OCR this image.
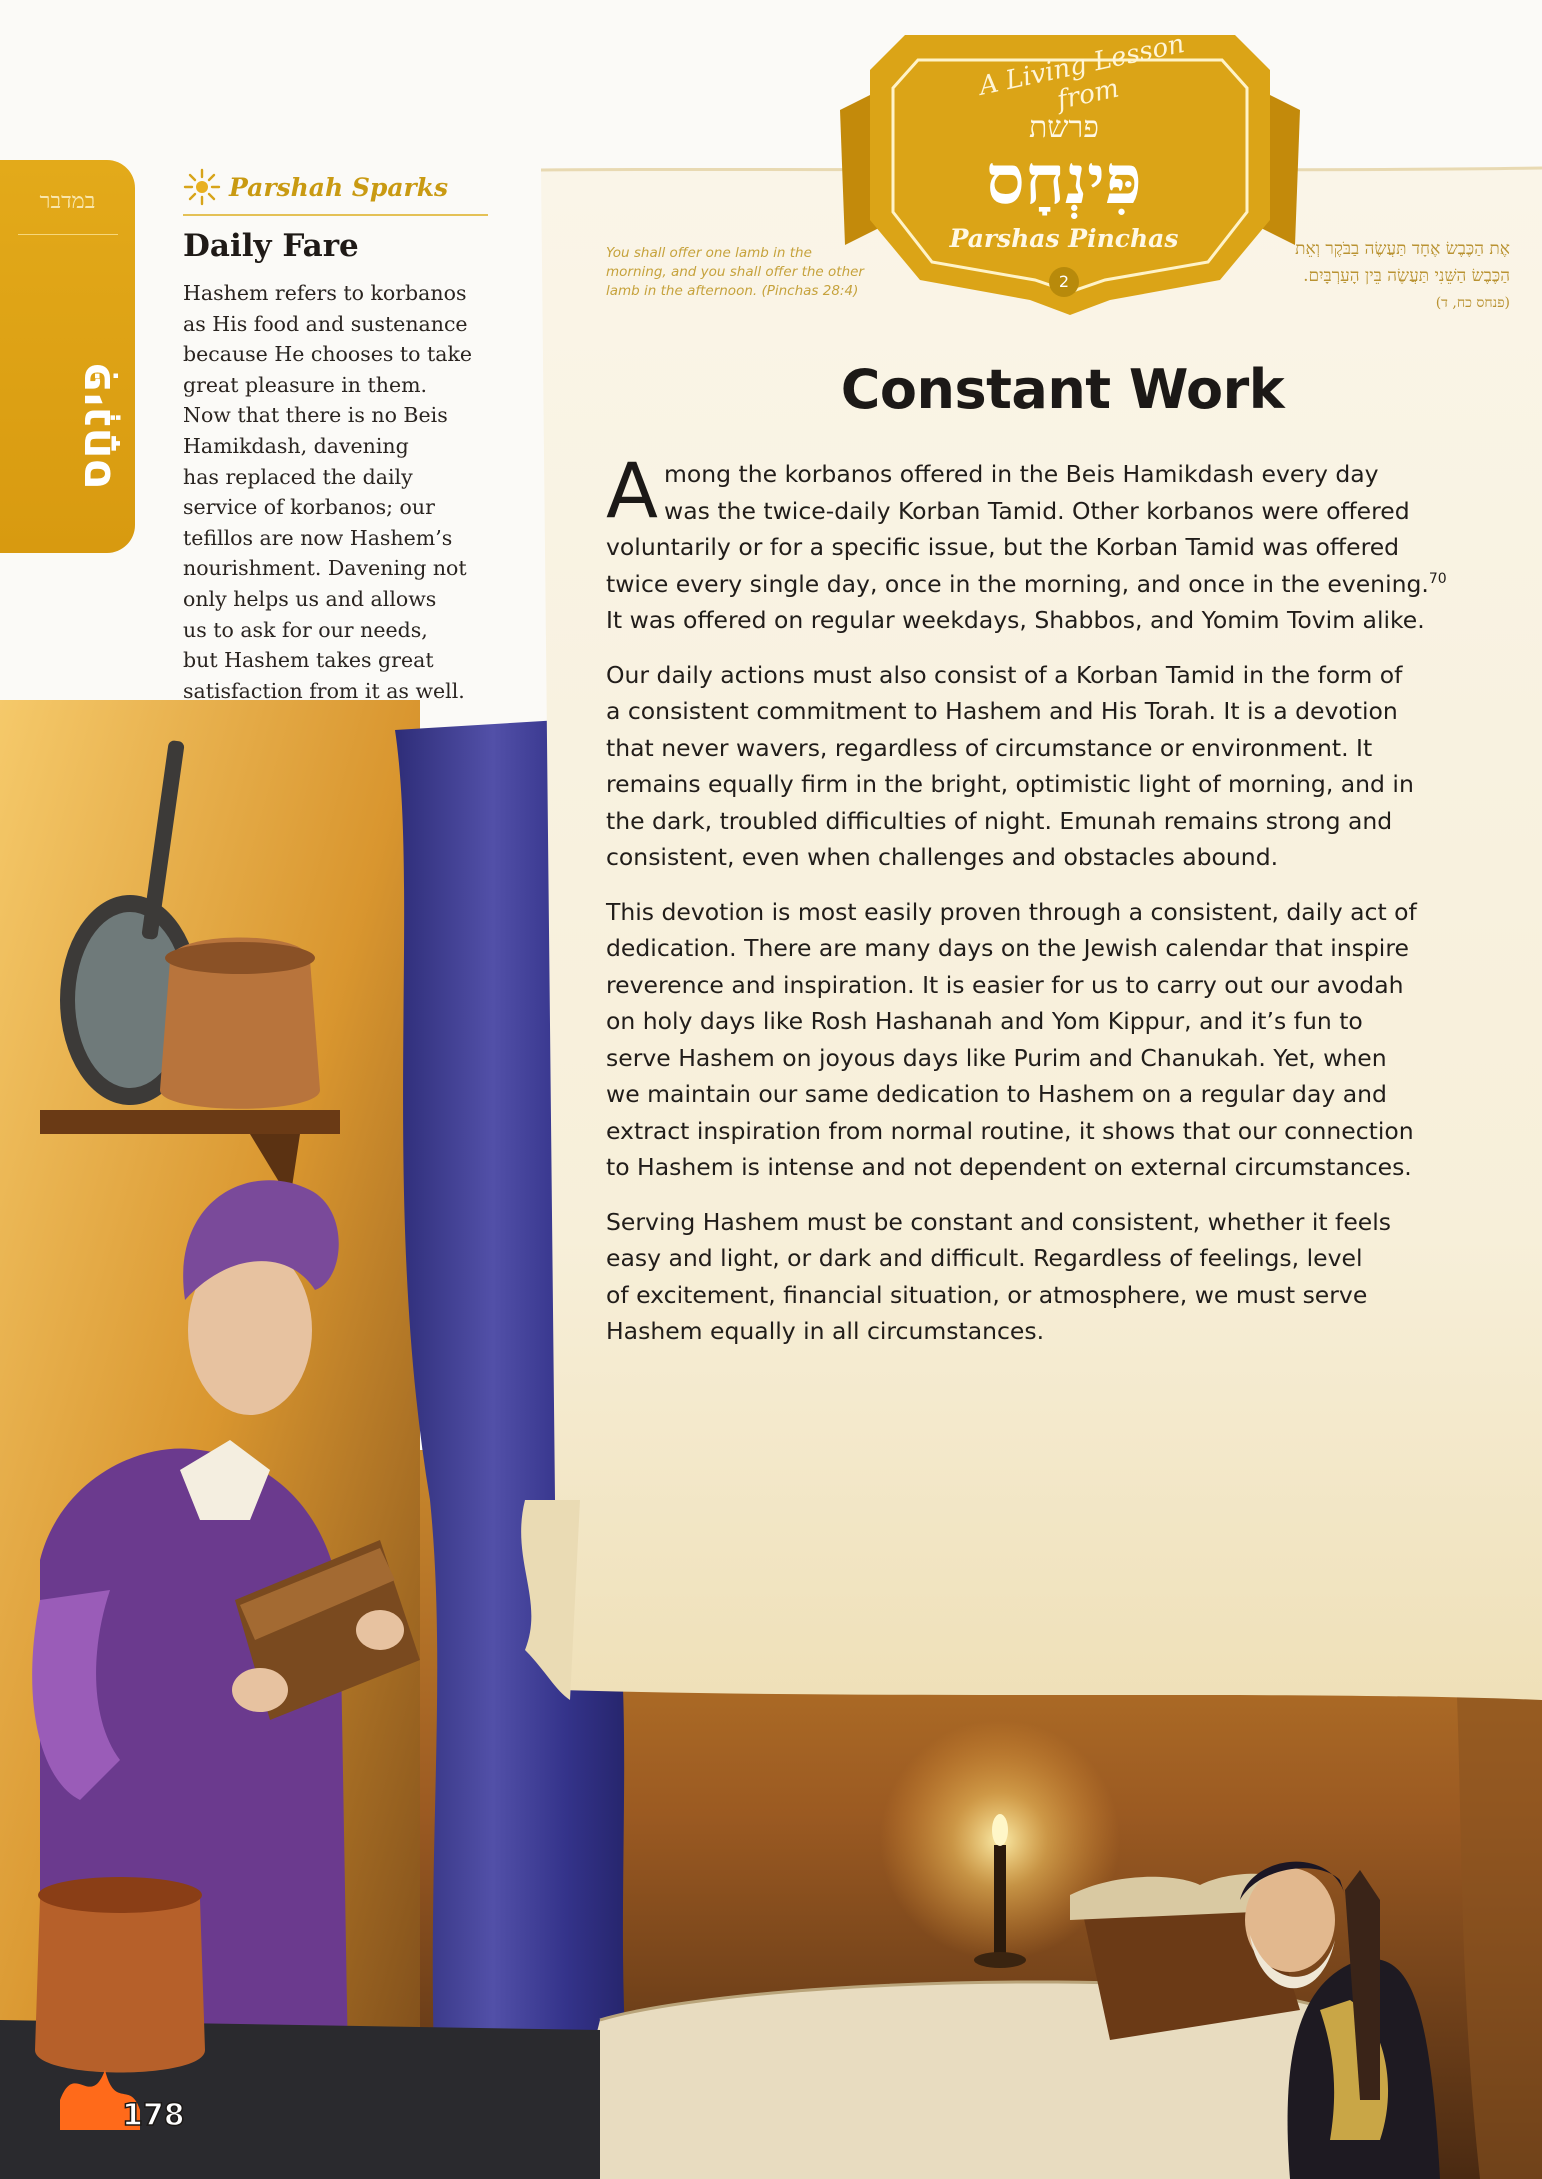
במדבר
פִּינְחָס
Parshah Sparks
Daily Fare
Hashem refers to korbanos
as His food and sustenance
because He chooses to take
great pleasure in them.
Now that there is no Beis
Hamikdash, davening
has replaced the daily
service of korbanos; our
tefillos are now Hashem’s
nourishment. Davening not
only helps us and allows
us to ask for our needs,
but Hashem takes great
satisfaction from it as well.
A Living Lesson from
פרשת
פִּינְחָס
Parshas Pinchas
2
You shall offer one lamb in the
morning, and you shall offer the other
lamb in the afternoon. (Pinchas 28:4)
אֶת הַכֶּבֶשׂ אֶחָד תַּעֲשֶׂה בַבֹּקֶר וְאֵת
הַכֶּבֶשׂ הַשֵּׁנִי תַּעֲשֶׂה בֵּין הָעַרְבָּיִם.
(פנחס כח, ד)
Constant Work

A mong the korbanos offered in the Beis Hamikdash every day
was the twice-daily Korban Tamid. Other korbanos were offered
voluntarily or for a specific issue, but the Korban Tamid was offered
twice every single day, once in the morning, and once in the evening.$^{70}$
It was offered on regular weekdays, Shabbos, and Yomim Tovim alike.

Our daily actions must also consist of a Korban Tamid in the form of
a consistent commitment to Hashem and His Torah. It is a devotion
that never wavers, regardless of circumstance or environment. It
remains equally firm in the bright, optimistic light of morning, and in
the dark, troubled difficulties of night. Emunah remains strong and
consistent, even when challenges and obstacles abound.

This devotion is most easily proven through a consistent, daily act of
dedication. There are many days on the Jewish calendar that inspire
reverence and inspiration. It is easier for us to carry out our avodah
on holy days like Rosh Hashanah and Yom Kippur, and it’s fun to
serve Hashem on joyous days like Purim and Chanukah. Yet, when
we maintain our same dedication to Hashem on a regular day and
extract inspiration from normal routine, it shows that our connection
to Hashem is intense and not dependent on external circumstances.

Serving Hashem must be constant and consistent, whether it feels
easy and light, or dark and difficult. Regardless of feelings, level
of excitement, financial situation, or atmosphere, we must serve
Hashem equally in all circumstances.

178
